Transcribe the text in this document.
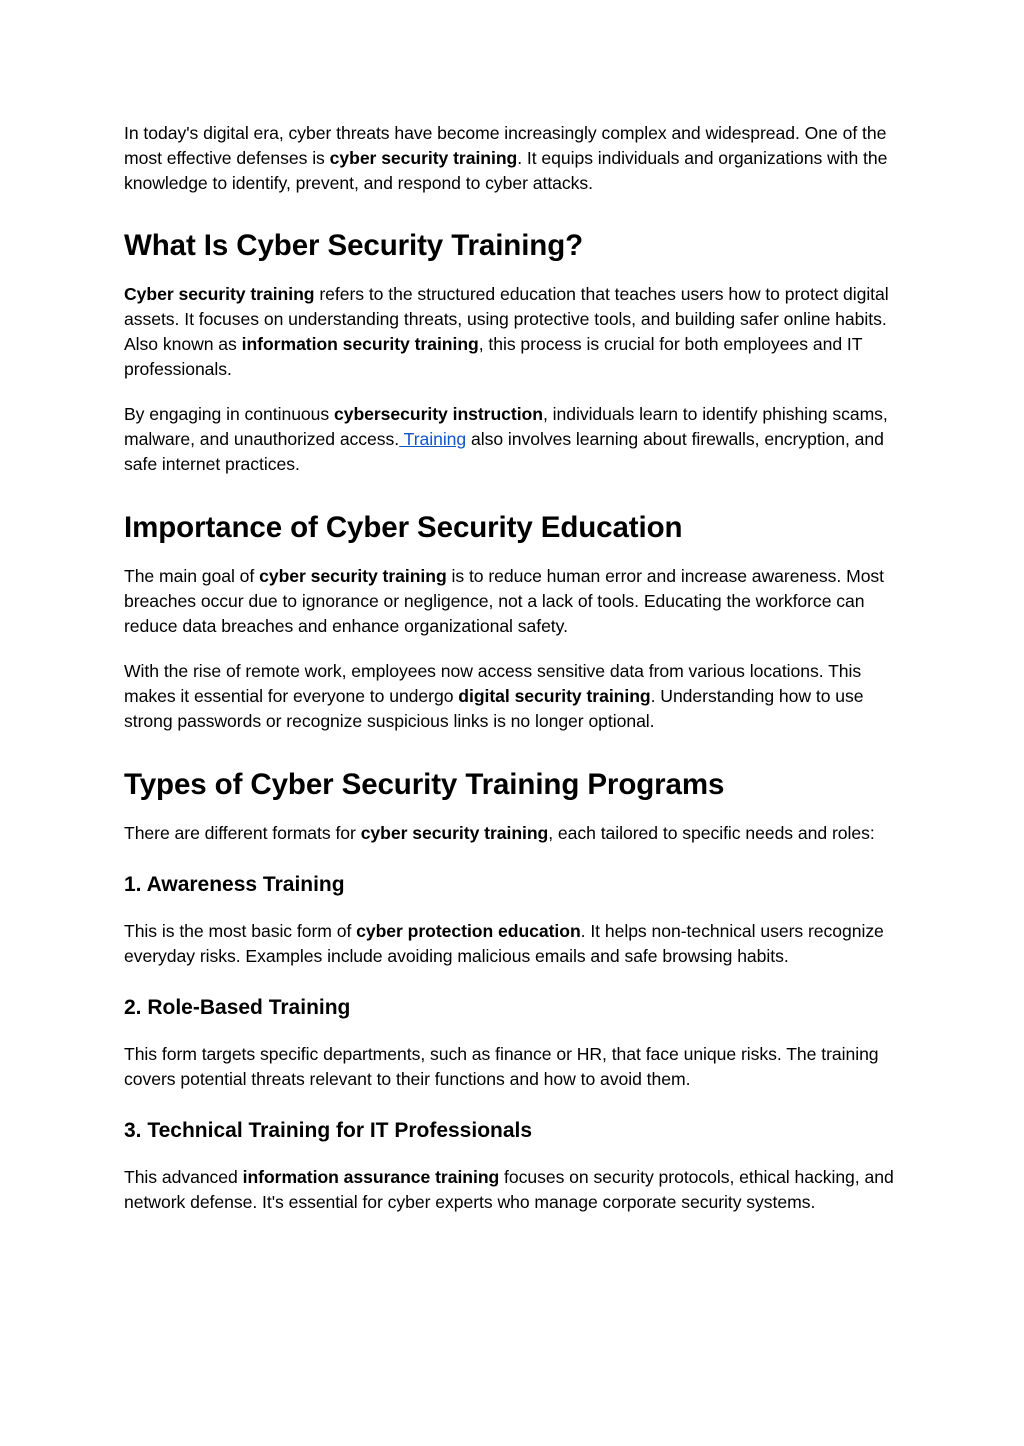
In today's digital era, cyber threats have become increasingly complex and widespread. One of the most effective defenses is cyber security training. It equips individuals and organizations with the knowledge to identify, prevent, and respond to cyber attacks.

What Is Cyber Security Training?

Cyber security training refers to the structured education that teaches users how to protect digital assets. It focuses on understanding threats, using protective tools, and building safer online habits. Also known as information security training, this process is crucial for both employees and IT professionals.

By engaging in continuous cybersecurity instruction, individuals learn to identify phishing scams, malware, and unauthorized access. Training also involves learning about firewalls, encryption, and safe internet practices.

Importance of Cyber Security Education

The main goal of cyber security training is to reduce human error and increase awareness. Most breaches occur due to ignorance or negligence, not a lack of tools. Educating the workforce can reduce data breaches and enhance organizational safety.

With the rise of remote work, employees now access sensitive data from various locations. This makes it essential for everyone to undergo digital security training. Understanding how to use strong passwords or recognize suspicious links is no longer optional.

Types of Cyber Security Training Programs

There are different formats for cyber security training, each tailored to specific needs and roles:

1. Awareness Training

This is the most basic form of cyber protection education. It helps non-technical users recognize everyday risks. Examples include avoiding malicious emails and safe browsing habits.

2. Role-Based Training

This form targets specific departments, such as finance or HR, that face unique risks. The training covers potential threats relevant to their functions and how to avoid them.

3. Technical Training for IT Professionals

This advanced information assurance training focuses on security protocols, ethical hacking, and network defense. It's essential for cyber experts who manage corporate security systems.
